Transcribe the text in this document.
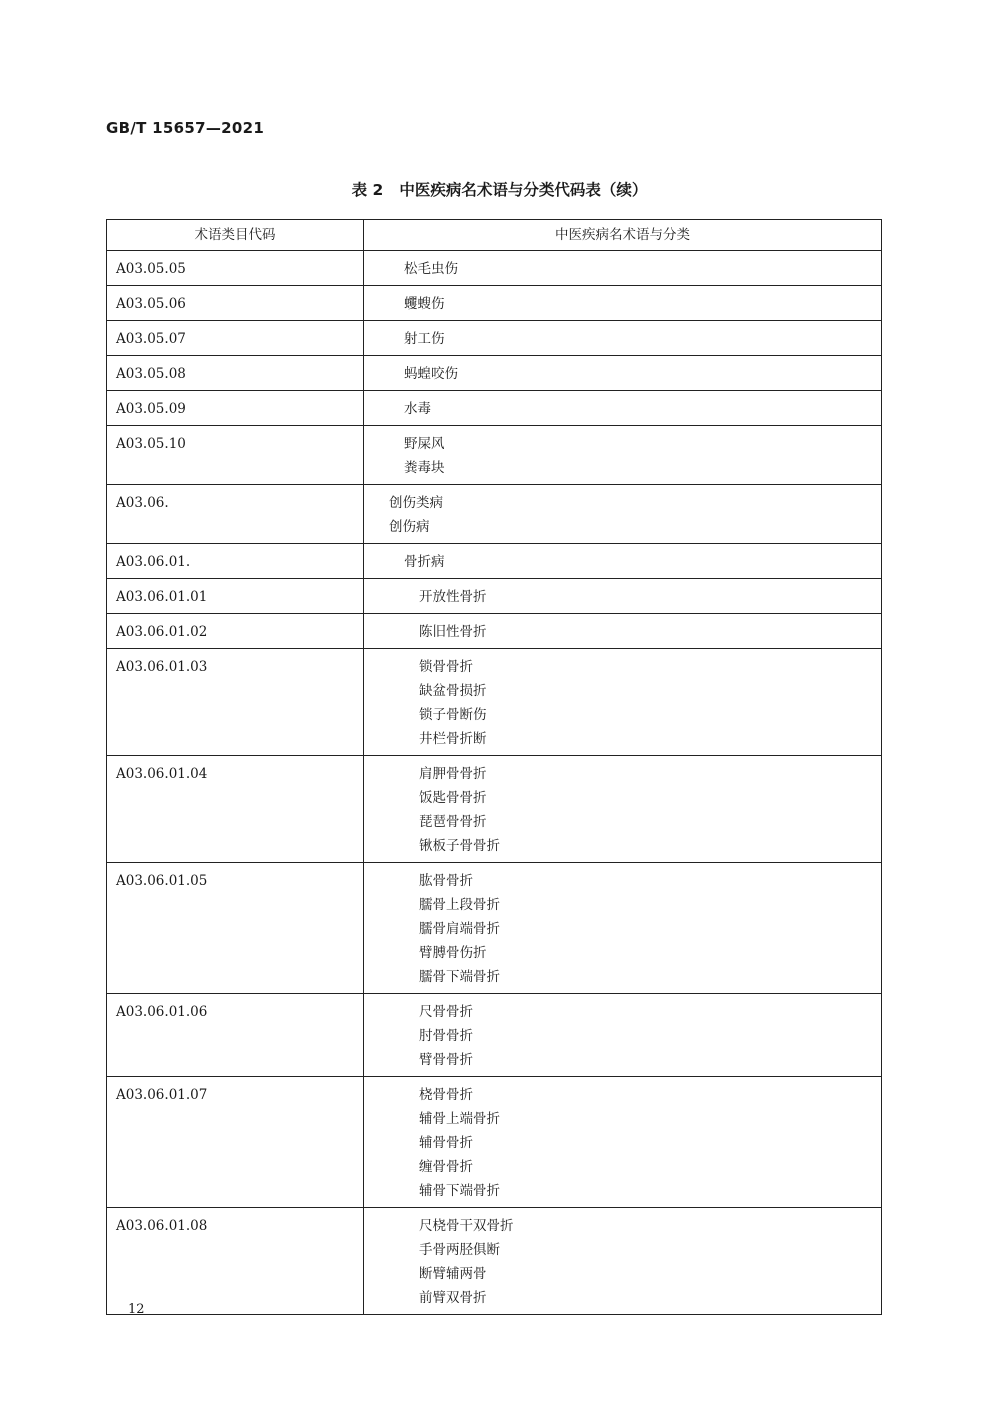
GB/T 15657—2021
表 2 中医疾病名术语与分类代码表（续）
术语类目代码	中医疾病名术语与分类
A03.05.05	松毛虫伤

A03.05.06	蠼螋伤

A03.05.07	射工伤

A03.05.08	蚂蝗咬伤

A03.05.09	水毒

A03.05.10	野屎风
粪毒块

A03.06.	创伤类病
创伤病

A03.06.01.	骨折病

A03.06.01.01	开放性骨折

A03.06.01.02	陈旧性骨折

A03.06.01.03	锁骨骨折
缺盆骨损折
锁子骨断伤
井栏骨折断

A03.06.01.04	肩胛骨骨折
饭匙骨骨折
琵琶骨骨折
锹板子骨骨折

A03.06.01.05	肱骨骨折
臑骨上段骨折
臑骨肩端骨折
臂膊骨伤折
臑骨下端骨折

A03.06.01.06	尺骨骨折
肘骨骨折
臂骨骨折

A03.06.01.07	桡骨骨折
辅骨上端骨折
辅骨骨折
缠骨骨折
辅骨下端骨折

A03.06.01.08	尺桡骨干双骨折
手骨两胫俱断
断臂辅两骨
前臂双骨折
12
